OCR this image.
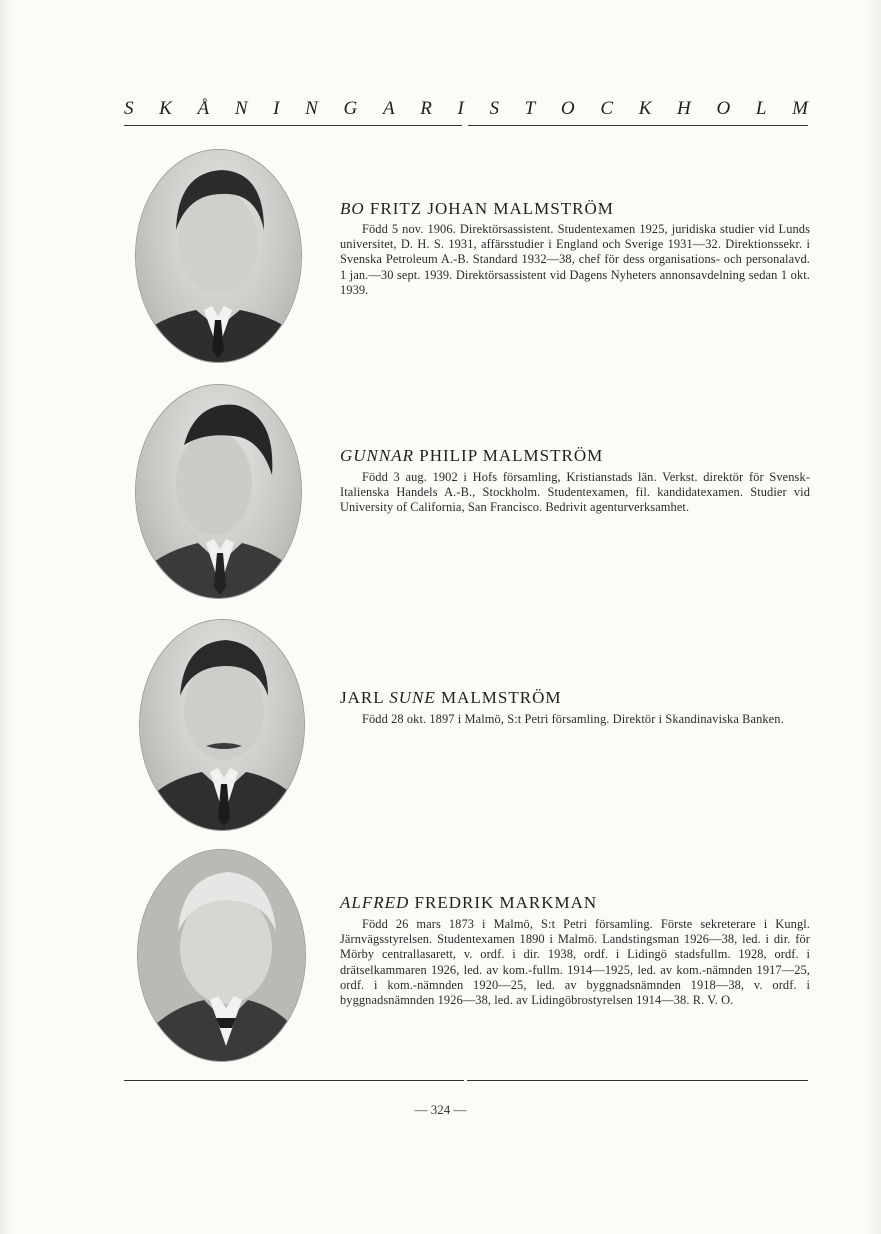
S K Å N I N G A R I S T O C K H O L M
BO FRITZ JOHAN MALMSTRÖM
Född 5 nov. 1906. Direktörsassistent. Studentexamen 1925, juridiska studier vid Lunds universitet, D. H. S. 1931, affärsstudier i England och Sverige 1931—32. Direktionssekr. i Svenska Petroleum A.-B. Standard 1932—38, chef för dess organisations- och personalavd. 1 jan.—30 sept. 1939. Direktörsassistent vid Dagens Nyheters annonsavdelning sedan 1 okt. 1939.
GUNNAR PHILIP MALMSTRÖM
Född 3 aug. 1902 i Hofs församling, Kristianstads län. Verkst. direktör för Svensk-Italienska Handels A.-B., Stockholm. Studentexamen, fil. kandidatexamen. Studier vid University of California, San Francisco. Bedrivit agenturverksamhet.
JARL SUNE MALMSTRÖM
Född 28 okt. 1897 i Malmö, S:t Petri församling. Direktör i Skandinaviska Banken.
ALFRED FREDRIK MARKMAN
Född 26 mars 1873 i Malmö, S:t Petri församling. Förste sekreterare i Kungl. Järnvägsstyrelsen. Studentexamen 1890 i Malmö. Landstingsman 1926—38, led. i dir. för Mörby centrallasarett, v. ordf. i dir. 1938, ordf. i Lidingö stadsfullm. 1928, ordf. i drätselkammaren 1926, led. av kom.-fullm. 1914—1925, led. av kom.-nämnden 1917—25, ordf. i kom.-nämnden 1920—25, led. av byggnadsnämnden 1918—38, v. ordf. i byggnadsnämnden 1926—38, led. av Lidingöbrostyrelsen 1914—38. R. V. O.
— 324 —
